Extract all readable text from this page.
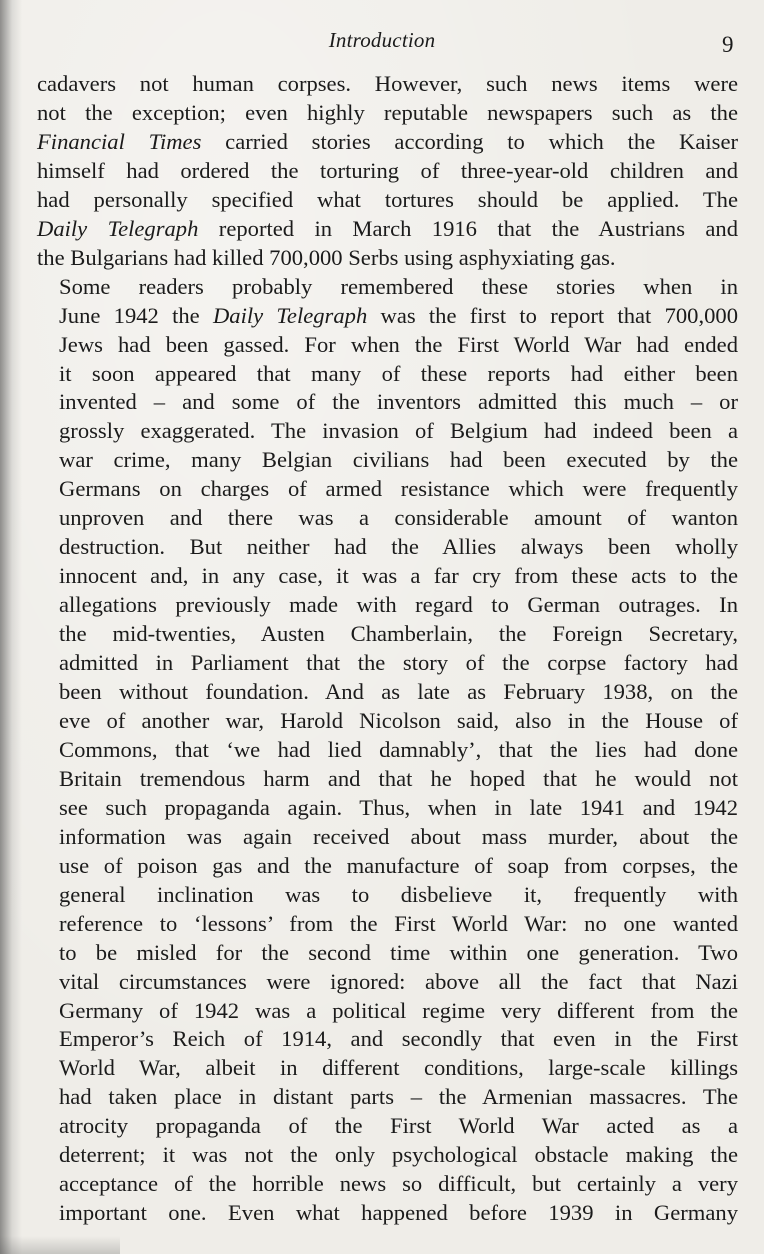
Introduction	9

cadavers not human corpses. However, such news items were
not the exception; even highly reputable newspapers such as the
Financial Times carried stories according to which the Kaiser
himself had ordered the torturing of three-year-old children and
had personally specified what tortures should be applied. The
Daily Telegraph reported in March 1916 that the Austrians and
the Bulgarians had killed 700,000 Serbs using asphyxiating gas.

Some readers probably remembered these stories when in
June 1942 the Daily Telegraph was the first to report that 700,000
Jews had been gassed. For when the First World War had ended
it soon appeared that many of these reports had either been
invented – and some of the inventors admitted this much – or
grossly exaggerated. The invasion of Belgium had indeed been a
war crime, many Belgian civilians had been executed by the
Germans on charges of armed resistance which were frequently
unproven and there was a considerable amount of wanton
destruction. But neither had the Allies always been wholly
innocent and, in any case, it was a far cry from these acts to the
allegations previously made with regard to German outrages. In
the mid-twenties, Austen Chamberlain, the Foreign Secretary,
admitted in Parliament that the story of the corpse factory had
been without foundation. And as late as February 1938, on the
eve of another war, Harold Nicolson said, also in the House of
Commons, that ‘we had lied damnably’, that the lies had done
Britain tremendous harm and that he hoped that he would not
see such propaganda again. Thus, when in late 1941 and 1942
information was again received about mass murder, about the
use of poison gas and the manufacture of soap from corpses, the
general inclination was to disbelieve it, frequently with
reference to ‘lessons’ from the First World War: no one wanted
to be misled for the second time within one generation. Two
vital circumstances were ignored: above all the fact that Nazi
Germany of 1942 was a political regime very different from the
Emperor’s Reich of 1914, and secondly that even in the First
World War, albeit in different conditions, large-scale killings
had taken place in distant parts – the Armenian massacres. The
atrocity propaganda of the First World War acted as a
deterrent; it was not the only psychological obstacle making the
acceptance of the horrible news so difficult, but certainly a very
important one. Even what happened before 1939 in Germany
